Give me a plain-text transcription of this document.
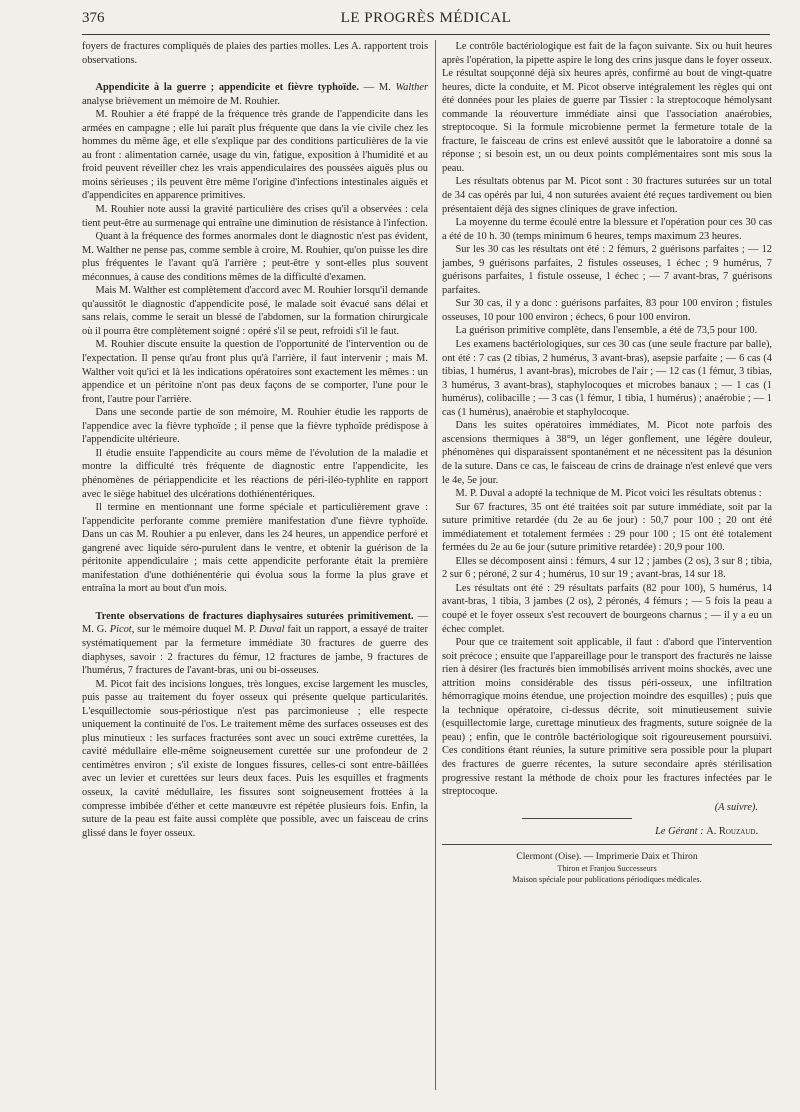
376	LE PROGRÈS MÉDICAL

foyers de fractures compliqués de plaies des parties molles. Les A. rapportent trois observations.

Appendicite à la guerre ; appendicite et fièvre typhoïde. — M. Walther analyse brièvement un mémoire de M. Rouhier.

M. Rouhier a été frappé de la fréquence très grande de l'appendicite dans les armées en campagne ; elle lui paraît plus fréquente que dans la vie civile chez les hommes du même âge, et elle s'explique par des conditions particulières de la vie au front : alimentation carnée, usage du vin, fatigue, exposition à l'humidité et au froid peuvent réveiller chez les vrais appendiculaires des poussées aiguës plus ou moins sérieuses ; ils peuvent être même l'origine d'infections intestinales aiguës et d'appendicites en apparence primitives.

M. Rouhier note aussi la gravité particulière des crises qu'il a observées : cela tient peut-être au surmenage qui entraîne une diminution de résistance à l'infection.

Quant à la fréquence des formes anormales dont le diagnostic n'est pas évident, M. Walther ne pense pas, comme semble à croire, M. Rouhier, qu'on puisse les dire plus fréquentes le l'avant qu'à l'arrière ; peut-être y sont-elles plus souvent méconnues, à cause des conditions mêmes de la difficulté d'examen.

Mais M. Walther est complètement d'accord avec M. Rouhier lorsqu'il demande qu'aussitôt le diagnostic d'appendicite posé, le malade soit évacué sans délai et sans relais, comme le serait un blessé de l'abdomen, sur la formation chirurgicale où il pourra être complètement soigné : opéré s'il se peut, refroidi s'il le faut.

M. Rouhier discute ensuite la question de l'opportunité de l'intervention ou de l'expectation. Il pense qu'au front plus qu'à l'arrière, il faut intervenir ; mais M. Walther voit qu'ici et là les indications opératoires sont exactement les mêmes : un appendice et un péritoine n'ont pas deux façons de se comporter, l'une pour le front, l'autre pour l'arrière.

Dans une seconde partie de son mémoire, M. Rouhier étudie les rapports de l'appendice avec la fièvre typhoïde ; il pense que la fièvre typhoïde prédispose à l'appendicite ultérieure.

Il étudie ensuite l'appendicite au cours même de l'évolution de la maladie et montre la difficulté très fréquente de diagnostic entre l'appendicite, les phénomènes de périappendicite et les réactions de péri-iléo-typhlite en rapport avec le siège habituel des ulcérations dothiénentériques.

Il termine en mentionnant une forme spéciale et particulièrement grave : l'appendicite perforante comme première manifestation d'une fièvre typhoïde. Dans un cas M. Rouhier a pu enlever, dans les 24 heures, un appendice perforé et gangrené avec liquide séro-purulent dans le ventre, et obtenir la guérison de la péritonite appendiculaire ; mais cette appendicite perforante était la première manifestation d'une dothiénentérie qui évolua sous la forme la plus grave et entraîna la mort au bout d'un mois.

Trente observations de fractures diaphysaires suturées primitivement. — M. G. Picot, sur le mémoire duquel M. P. Duval fait un rapport, a essayé de traiter systématiquement par la fermeture immédiate 30 fractures de guerre des diaphyses, savoir : 2 fractures du fémur, 12 fractures de jambe, 9 fractures de l'humérus, 7 fractures de l'avant-bras, uni ou bi-osseuses.

M. Picot fait des incisions longues, très longues, excise largement les muscles, puis passe au traitement du foyer osseux qui présente quelque particularités. L'esquillectomie sous-périostique n'est pas parcimonieuse ; elle respecte uniquement la continuité de l'os. Le traitement même des surfaces osseuses est des plus minutieux : les surfaces fracturées sont avec un souci extrême curettées, la cavité médullaire elle-même soigneusement curettée sur une profondeur de 2 centimètres environ ; s'il existe de longues fissures, celles-ci sont entre-bâillées avec un levier et curettées sur leurs deux faces. Puis les esquilles et fragments osseux, la cavité médullaire, les fissures sont soigneusement frottées à la compresse imbibée d'éther et cette manœuvre est répétée plusieurs fois. Enfin, la suture de la peau est faite aussi complète que possible, avec un faisceau de crins glissé dans le foyer osseux.

Le contrôle bactériologique est fait de la façon suivante. Six ou huit heures après l'opération, la pipette aspire le long des crins jusque dans le foyer osseux. Le résultat soupçonné déjà six heures après, confirmé au bout de vingt-quatre heures, dicte la conduite, et M. Picot observe intégralement les règles qui ont été données pour les plaies de guerre par Tissier : la streptocoque hémolysant commande la réouverture immédiate ainsi que l'association anaérobies, streptocoque. Si la formule microbienne permet la fermeture totale de la fracture, le faisceau de crins est enlevé aussitôt que le laboratoire a donné sa réponse ; si besoin est, un ou deux points complémentaires sont mis sous la peau.

Les résultats obtenus par M. Picot sont : 30 fractures suturées sur un total de 34 cas opérés par lui, 4 non suturées avaient été reçues tardivement ou bien présentaient déjà des signes cliniques de grave infection.

La moyenne du terme écoulé entre la blessure et l'opération pour ces 30 cas a été de 10 h. 30 (temps minimum 6 heures, temps maximum 23 heures.

Sur les 30 cas les résultats ont été : 2 fémurs, 2 guérisons parfaites ; — 12 jambes, 9 guérisons parfaites, 2 fistules osseuses, 1 échec ; 9 humérus, 7 guérisons parfaites, 1 fistule osseuse, 1 échec ; — 7 avant-bras, 7 guérisons parfaites.

Sur 30 cas, il y a donc : guérisons parfaites, 83 pour 100 environ ; fistules osseuses, 10 pour 100 environ ; échecs, 6 pour 100 environ.

La guérison primitive complète, dans l'ensemble, a été de 73,5 pour 100.

Les examens bactériologiques, sur ces 30 cas (une seule fracture par balle), ont été : 7 cas (2 tibias, 2 humérus, 3 avant-bras), asepsie parfaite ; — 6 cas (4 tibias, 1 humérus, 1 avant-bras), microbes de l'air ; — 12 cas (1 fémur, 3 tibias, 3 humérus, 3 avant-bras), staphylocoques et microbes banaux ; — 1 cas (1 humérus), colibacille ; — 3 cas (1 fémur, 1 tibia, 1 humérus) ; anaérobie ; — 1 cas (1 humérus), anaérobie et staphylocoque.

Dans les suites opératoires immédiates, M. Picot note parfois des ascensions thermiques à 38°9, un léger gonflement, une légère douleur, phénomènes qui disparaissent spontanément et ne nécessitent pas la désunion de la suture. Dans ce cas, le faisceau de crins de drainage n'est enlevé que vers le 4e, 5e jour.

M. P. Duval a adopté la technique de M. Picot voici les résultats obtenus :

Sur 67 fractures, 35 ont été traitées soit par suture immédiate, soit par la suture primitive retardée (du 2e au 6e jour) : 50,7 pour 100 ; 20 ont été immédiatement et totalement fermées : 29 pour 100 ; 15 ont été totalement fermées du 2e au 6e jour (suture primitive retardée) : 20,9 pour 100.

Elles se décomposent ainsi : fémurs, 4 sur 12 ; jambes (2 os), 3 sur 8 ; tibia, 2 sur 6 ; péroné, 2 sur 4 ; humérus, 10 sur 19 ; avant-bras, 14 sur 18.

Les résultats ont été : 29 résultats parfaits (82 pour 100), 5 humérus, 14 avant-bras, 1 tibia, 3 jambes (2 os), 2 péronés, 4 fémurs ; — 5 fois la peau a coupé et le foyer osseux s'est recouvert de bourgeons charnus ; — il y a eu un échec complet.

Pour que ce traitement soit applicable, il faut : d'abord que l'intervention soit précoce ; ensuite que l'appareillage pour le transport des fracturés ne laisse rien à désirer (les fracturés bien immobilisés arrivent moins shockés, avec une attrition moins considérable des tissus péri-osseux, une infiltration hémorragique moins étendue, une projection moindre des esquilles) ; puis que la technique opératoire, ci-dessus décrite, soit minutieusement suivie (esquillectomie large, curettage minutieux des fragments, suture soignée de la peau) ; enfin, que le contrôle bactériologique soit rigoureusement poursuivi. Ces conditions étant réunies, la suture primitive sera possible pour la plupart des fractures de guerre récentes, la suture secondaire après stérilisation progressive restant la méthode de choix pour les fractures infectées par le streptocoque.

(A suivre).
Le Gérant : A. Rouzaud.
Clermont (Oise). — Imprimerie Daix et Thiron
Thiron et Franjou Successeurs
Maison spéciale pour publications périodiques médicales.
